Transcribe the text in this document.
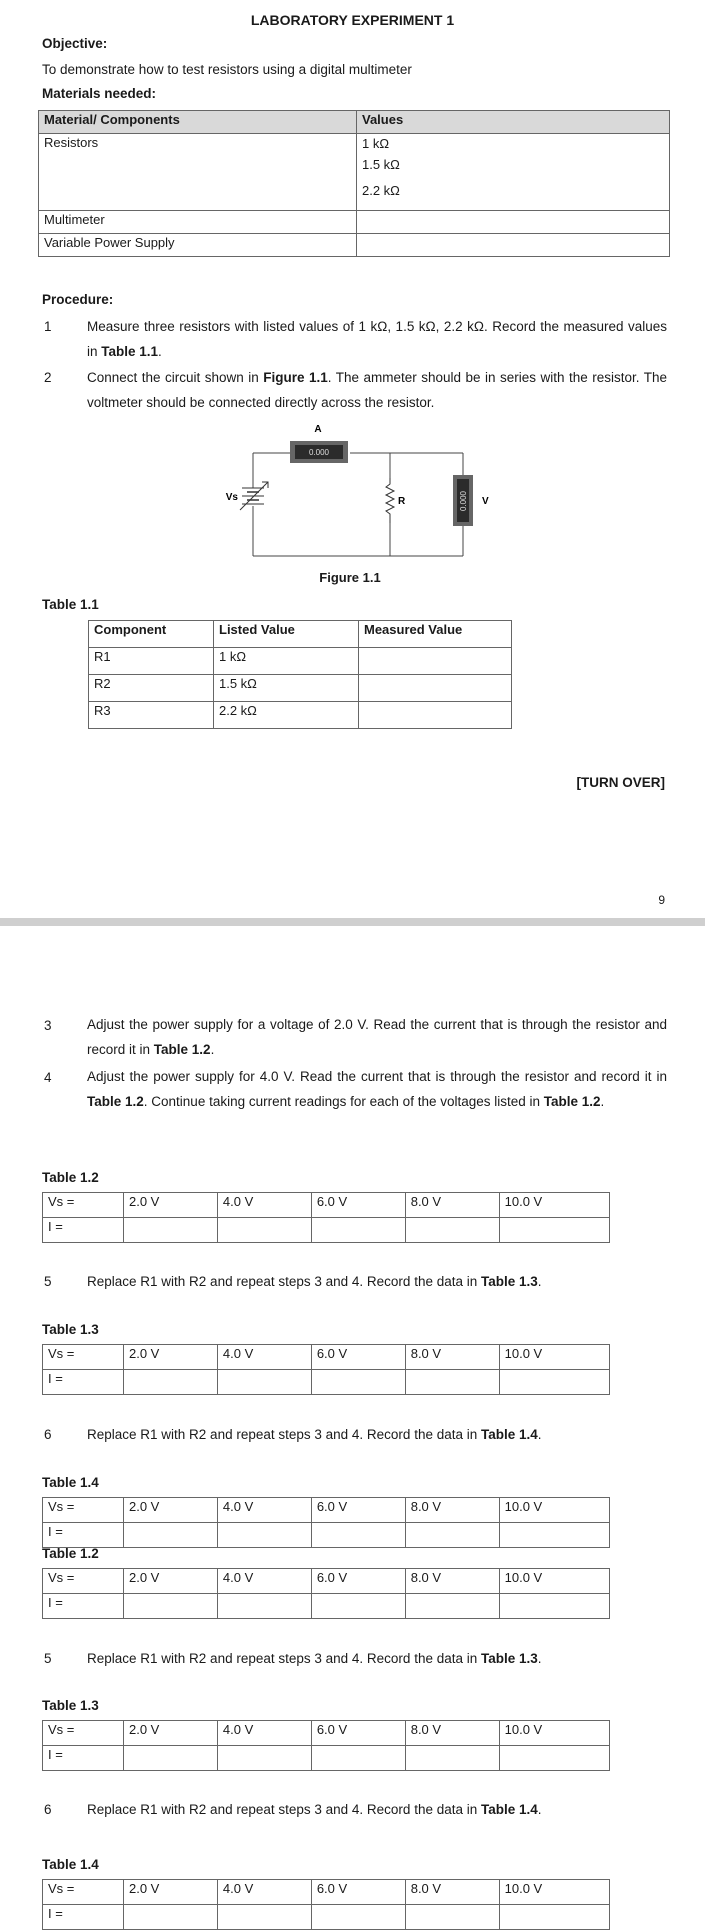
LABORATORY EXPERIMENT 1
Objective:
To demonstrate how to test resistors using a digital multimeter
Materials needed:
Material/ Components	Values
Resistors	1 kΩ
1.5 kΩ
2.2 kΩ

Multimeter	
Variable Power Supply	
Procedure:
1	Measure three resistors with listed values of 1 kΩ, 1.5 kΩ, 2.2 kΩ. Record the measured values in Table 1.1.
2	Connect the circuit shown in Figure 1.1. The ammeter should be in series with the resistor. The voltmeter should be connected directly across the resistor.
A
0.000
Vs	R	0.000 V
Figure 1.1
Table 1.1
Component	Listed Value	Measured Value
R1	1 kΩ	
R2	1.5 kΩ	
R3	2.2 kΩ	
[TURN OVER]
9
3	Adjust the power supply for a voltage of 2.0 V. Read the current that is through the resistor and record it in Table 1.2.
4	Adjust the power supply for 4.0 V. Read the current that is through the resistor and record it in Table 1.2. Continue taking current readings for each of the voltages listed in Table 1.2.
Table 1.2
Vs =	2.0 V	4.0 V	6.0 V	8.0 V	10.0 V
I =					
5	Replace R1 with R2 and repeat steps 3 and 4. Record the data in Table 1.3.
Table 1.3
Vs =	2.0 V	4.0 V	6.0 V	8.0 V	10.0 V
I =					
6	Replace R1 with R2 and repeat steps 3 and 4. Record the data in Table 1.4.
Table 1.4
Vs =	2.0 V	4.0 V	6.0 V	8.0 V	10.0 V
I =					
Table 1.2
Vs =	2.0 V	4.0 V	6.0 V	8.0 V	10.0 V
I =					
5	Replace R1 with R2 and repeat steps 3 and 4. Record the data in Table 1.3.
Table 1.3
Vs =	2.0 V	4.0 V	6.0 V	8.0 V	10.0 V
I =					
6	Replace R1 with R2 and repeat steps 3 and 4. Record the data in Table 1.4.
Table 1.4
Vs =	2.0 V	4.0 V	6.0 V	8.0 V	10.0 V
I =					
